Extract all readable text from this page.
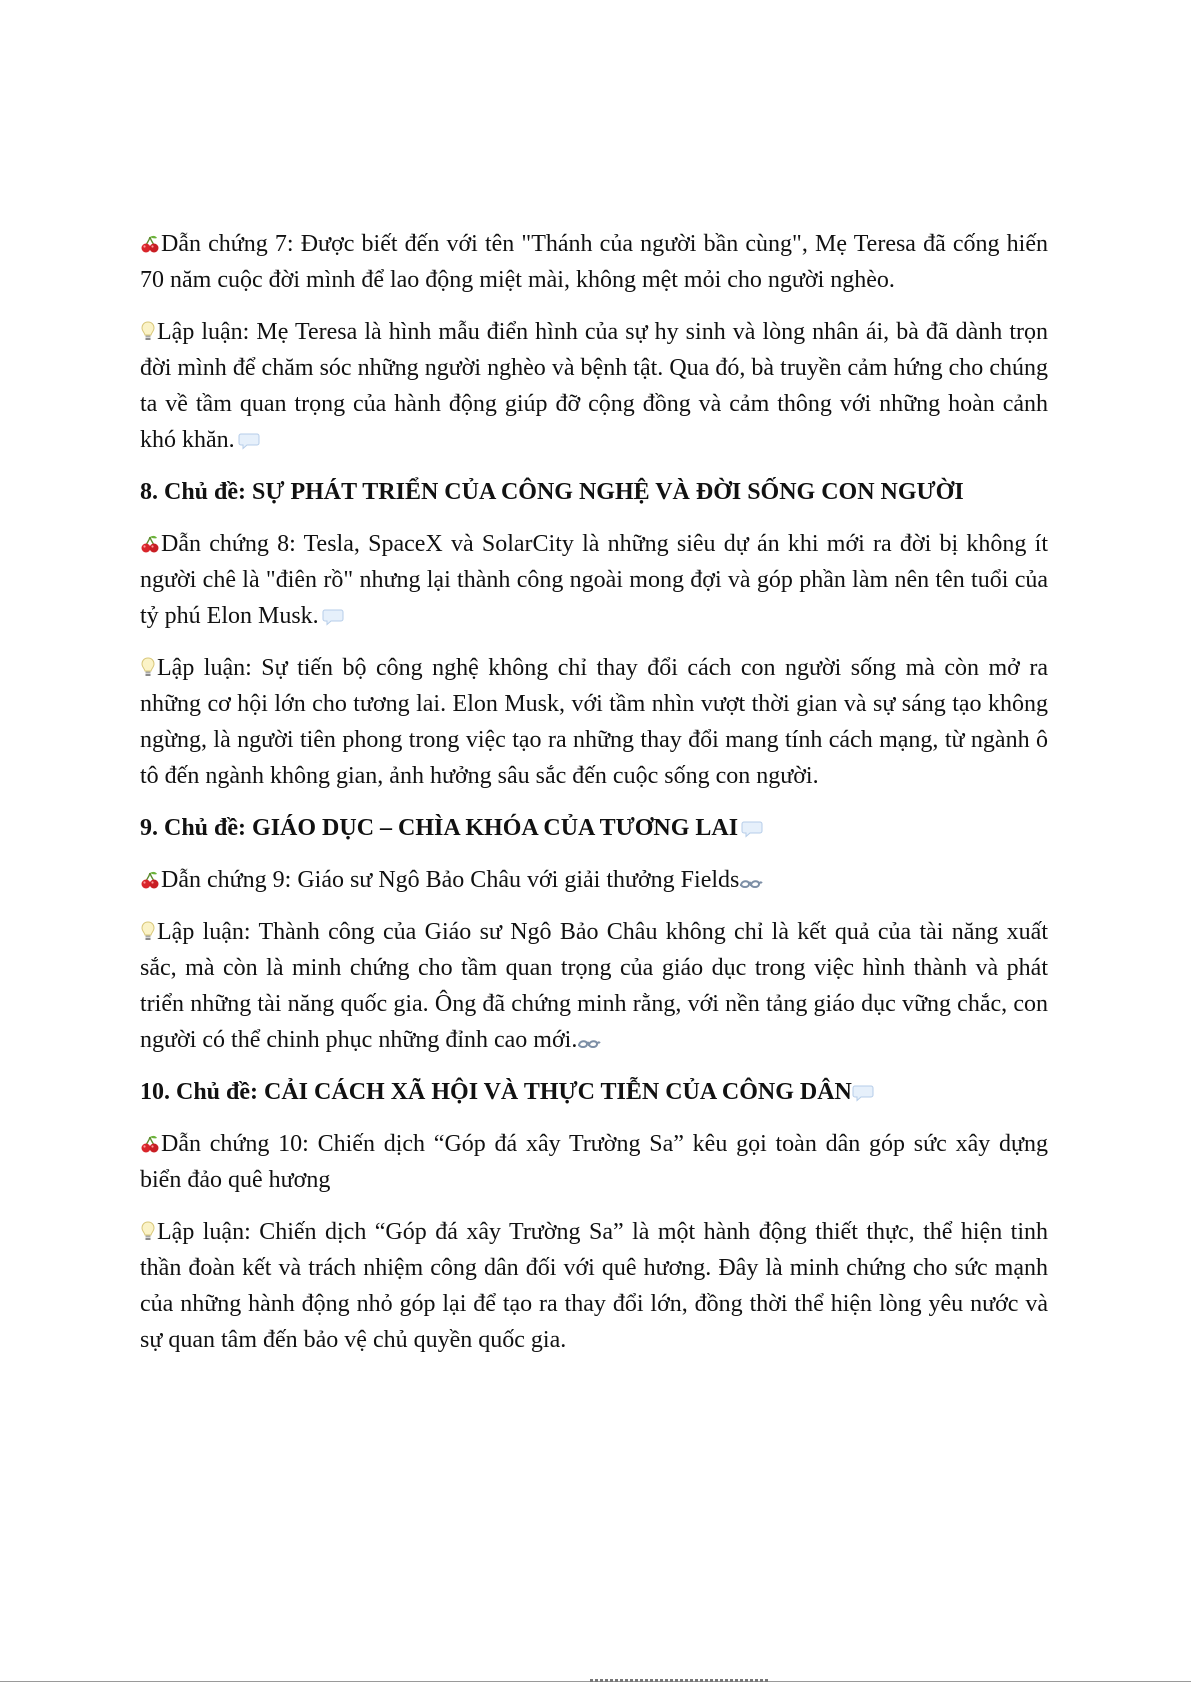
Dẫn chứng 7: Được biết đến với tên "Thánh của người bần cùng", Mẹ Teresa đã cống hiến 70 năm cuộc đời mình để lao động miệt mài, không mệt mỏi cho người nghèo.

Lập luận: Mẹ Teresa là hình mẫu điển hình của sự hy sinh và lòng nhân ái, bà đã dành trọn đời mình để chăm sóc những người nghèo và bệnh tật. Qua đó, bà truyền cảm hứng cho chúng ta về tầm quan trọng của hành động giúp đỡ cộng đồng và cảm thông với những hoàn cảnh khó khăn.

8. Chủ đề: SỰ PHÁT TRIỂN CỦA CÔNG NGHỆ VÀ ĐỜI SỐNG CON NGƯỜI

Dẫn chứng 8: Tesla, SpaceX và SolarCity là những siêu dự án khi mới ra đời bị không ít người chê là "điên rồ" nhưng lại thành công ngoài mong đợi và góp phần làm nên tên tuổi của tỷ phú Elon Musk.

Lập luận: Sự tiến bộ công nghệ không chỉ thay đổi cách con người sống mà còn mở ra những cơ hội lớn cho tương lai. Elon Musk, với tầm nhìn vượt thời gian và sự sáng tạo không ngừng, là người tiên phong trong việc tạo ra những thay đổi mang tính cách mạng, từ ngành ô tô đến ngành không gian, ảnh hưởng sâu sắc đến cuộc sống con người.

9. Chủ đề: GIÁO DỤC – CHÌA KHÓA CỦA TƯƠNG LAI

Dẫn chứng 9: Giáo sư Ngô Bảo Châu với giải thưởng Fields

Lập luận: Thành công của Giáo sư Ngô Bảo Châu không chỉ là kết quả của tài năng xuất sắc, mà còn là minh chứng cho tầm quan trọng của giáo dục trong việc hình thành và phát triển những tài năng quốc gia. Ông đã chứng minh rằng, với nền tảng giáo dục vững chắc, con người có thể chinh phục những đỉnh cao mới.

10. Chủ đề: CẢI CÁCH XÃ HỘI VÀ THỰC TIỄN CỦA CÔNG DÂN

Dẫn chứng 10: Chiến dịch “Góp đá xây Trường Sa” kêu gọi toàn dân góp sức xây dựng biển đảo quê hương

Lập luận: Chiến dịch “Góp đá xây Trường Sa” là một hành động thiết thực, thể hiện tinh thần đoàn kết và trách nhiệm công dân đối với quê hương. Đây là minh chứng cho sức mạnh của những hành động nhỏ góp lại để tạo ra thay đổi lớn, đồng thời thể hiện lòng yêu nước và sự quan tâm đến bảo vệ chủ quyền quốc gia.
